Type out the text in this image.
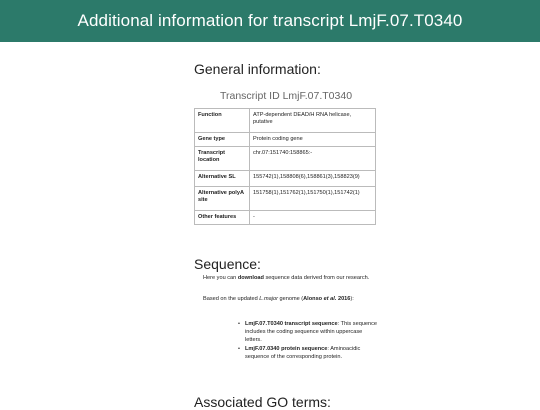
Additional information for transcript LmjF.07.T0340
General information:
Transcript ID LmjF.07.T0340
Function	ATP-dependent DEAD/H RNA helicase, putative
Gene type	Protein coding gene
Transcript location	chr.07:151740:158865:-
Alternative SL	155742(1),158808(6),158861(3),158823(9)
Alternative polyA site	151758(1),151762(1),151750(1),151742(1)
Other features	-
Sequence:

Here you can download sequence data derived from our research.

Based on the updated L.major genome (Alonso et al. 2016):

• LmjF.07.T0340 transcript sequence: This sequence includes the coding sequence within uppercase letters.
• LmjF.07.0340 protein sequence: Aminoacidic sequence of the corresponding protein.
Associated GO terms:
